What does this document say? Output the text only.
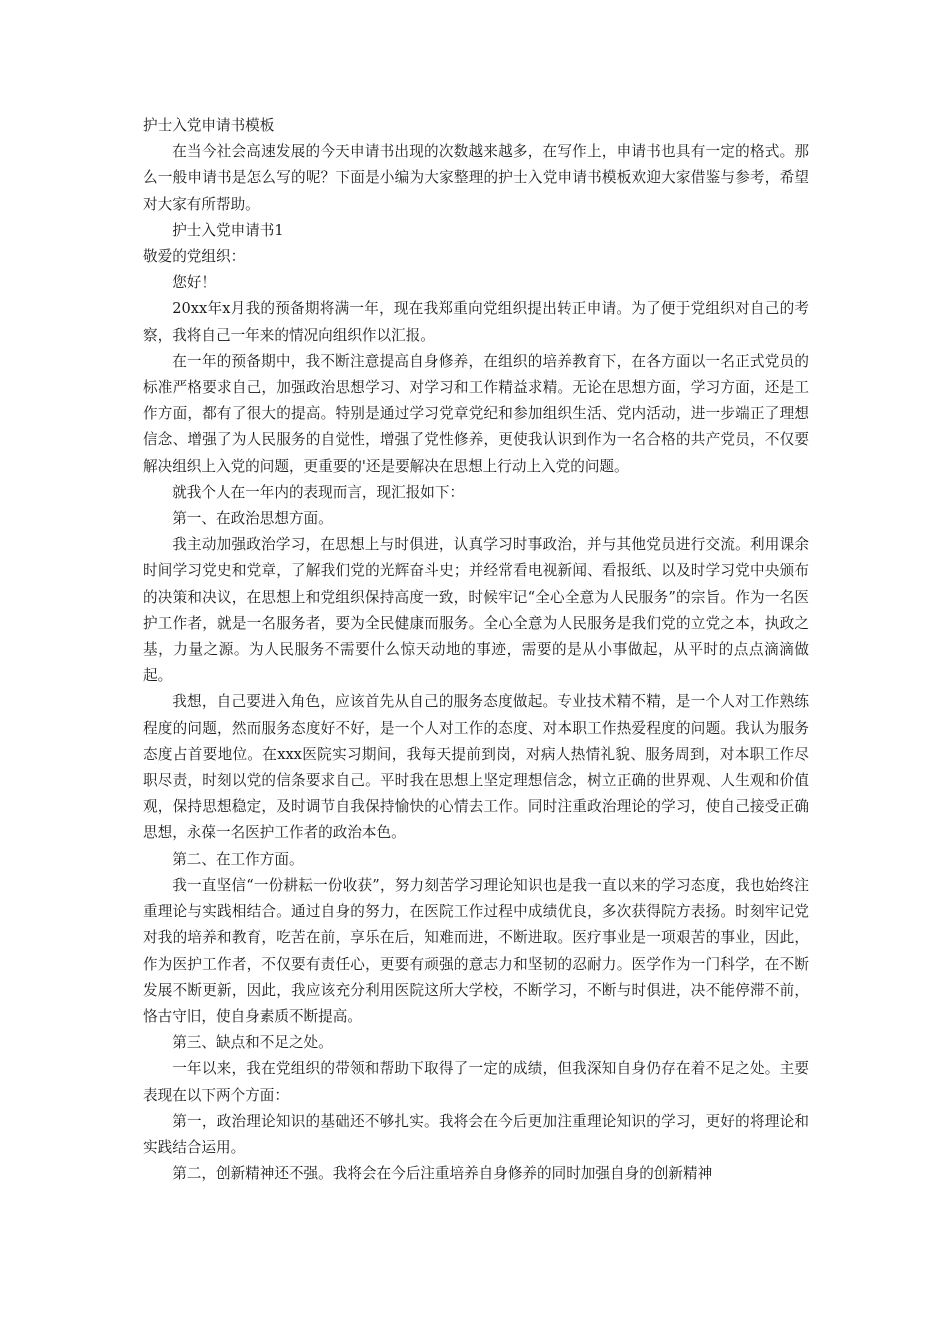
护士入党申请书模板

在当今社会高速发展的今天申请书出现的次数越来越多，在写作上，申请书也具有一定的格式。那么一般申请书是怎么写的呢？下面是小编为大家整理的护士入党申请书模板欢迎大家借鉴与参考，希望对大家有所帮助。

护士入党申请书1

敬爱的党组织：

您好！

20xx年x月我的预备期将满一年，现在我郑重向党组织提出转正申请。为了便于党组织对自己的考察，我将自己一年来的情况向组织作以汇报。

在一年的预备期中，我不断注意提高自身修养，在组织的培养教育下，在各方面以一名正式党员的标准严格要求自己，加强政治思想学习、对学习和工作精益求精。无论在思想方面，学习方面，还是工作方面，都有了很大的提高。特别是通过学习党章党纪和参加组织生活、党内活动，进一步端正了理想信念、增强了为人民服务的自觉性，增强了党性修养，更使我认识到作为一名合格的共产党员，不仅要解决组织上入党的问题，更重要的'还是要解决在思想上行动上入党的问题。

就我个人在一年内的表现而言，现汇报如下：

第一、在政治思想方面。

我主动加强政治学习，在思想上与时俱进，认真学习时事政治，并与其他党员进行交流。利用课余时间学习党史和党章，了解我们党的光辉奋斗史；并经常看电视新闻、看报纸、以及时学习党中央颁布的决策和决议，在思想上和党组织保持高度一致，时候牢记“全心全意为人民服务”的宗旨。作为一名医护工作者，就是一名服务者，要为全民健康而服务。全心全意为人民服务是我们党的立党之本，执政之基，力量之源。为人民服务不需要什么惊天动地的事迹，需要的是从小事做起，从平时的点点滴滴做起。

我想，自己要进入角色，应该首先从自己的服务态度做起。专业技术精不精，是一个人对工作熟练程度的问题，然而服务态度好不好，是一个人对工作的态度、对本职工作热爱程度的问题。我认为服务态度占首要地位。在xxx医院实习期间，我每天提前到岗，对病人热情礼貌、服务周到，对本职工作尽职尽责，时刻以党的信条要求自己。平时我在思想上坚定理想信念，树立正确的世界观、人生观和价值观，保持思想稳定，及时调节自我保持愉快的心情去工作。同时注重政治理论的学习，使自己接受正确思想，永葆一名医护工作者的政治本色。

第二、在工作方面。

我一直坚信“一份耕耘一份收获”，努力刻苦学习理论知识也是我一直以来的学习态度，我也始终注重理论与实践相结合。通过自身的努力，在医院工作过程中成绩优良，多次获得院方表扬。时刻牢记党对我的培养和教育，吃苦在前，享乐在后，知难而进，不断进取。医疗事业是一项艰苦的事业，因此，作为医护工作者，不仅要有责任心，更要有顽强的意志力和坚韧的忍耐力。医学作为一门科学，在不断发展不断更新，因此，我应该充分利用医院这所大学校，不断学习，不断与时俱进，决不能停滞不前，恪古守旧，使自身素质不断提高。

第三、缺点和不足之处。

一年以来，我在党组织的带领和帮助下取得了一定的成绩，但我深知自身仍存在着不足之处。主要表现在以下两个方面：

第一，政治理论知识的基础还不够扎实。我将会在今后更加注重理论知识的学习，更好的将理论和实践结合运用。

第二，创新精神还不强。我将会在今后注重培养自身修养的同时加强自身的创新精神
